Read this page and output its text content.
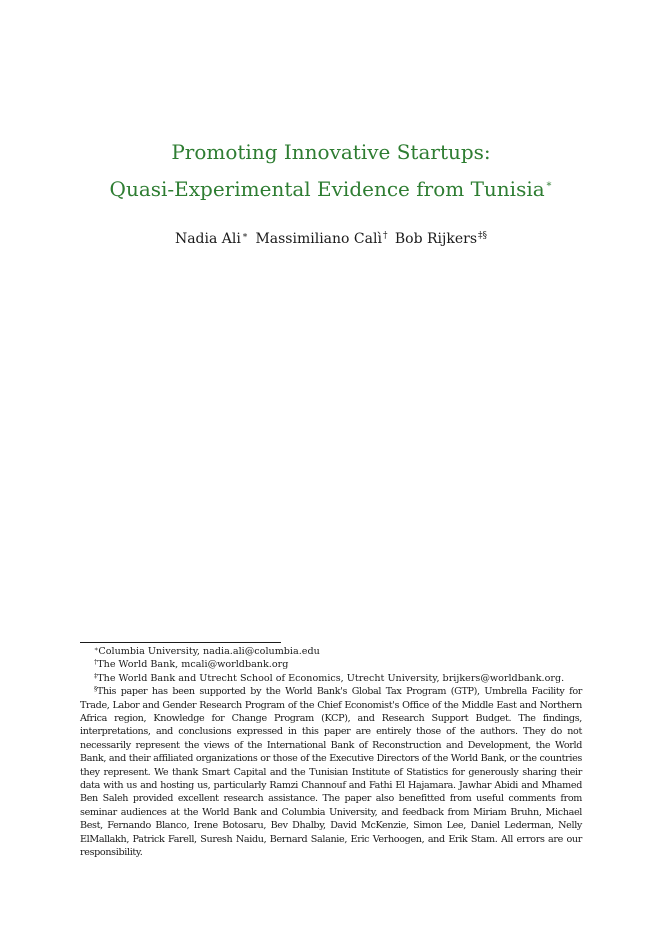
Promoting Innovative Startups:
Quasi-Experimental Evidence from Tunisia∗
Nadia Ali∗ Massimiliano Calì† Bob Rijkers‡§

∗Columbia University, nadia.ali@columbia.edu

†The World Bank, mcali@worldbank.org

‡The World Bank and Utrecht School of Economics, Utrecht University, brijkers@worldbank.org.

§This paper has been supported by the World Bank's Global Tax Program (GTP), Umbrella Facility for Trade, Labor and Gender Research Program of the Chief Economist's Office of the Middle East and Northern Africa region, Knowledge for Change Program (KCP), and Research Support Budget. The findings, interpretations, and conclusions expressed in this paper are entirely those of the authors. They do not necessarily represent the views of the International Bank of Reconstruction and Development, the World Bank, and their affiliated organizations or those of the Executive Directors of the World Bank, or the countries they represent. We thank Smart Capital and the Tunisian Institute of Statistics for generously sharing their data with us and hosting us, particularly Ramzi Channouf and Fathi El Hajamara. Jawhar Abidi and Mhamed Ben Saleh provided excellent research assistance. The paper also benefitted from useful comments from seminar audiences at the World Bank and Columbia University, and feedback from Miriam Bruhn, Michael Best, Fernando Blanco, Irene Botosaru, Bev Dhalby, David McKenzie, Simon Lee, Daniel Lederman, Nelly ElMallakh, Patrick Farell, Suresh Naidu, Bernard Salanie, Eric Verhoogen, and Erik Stam. All errors are our responsibility.
